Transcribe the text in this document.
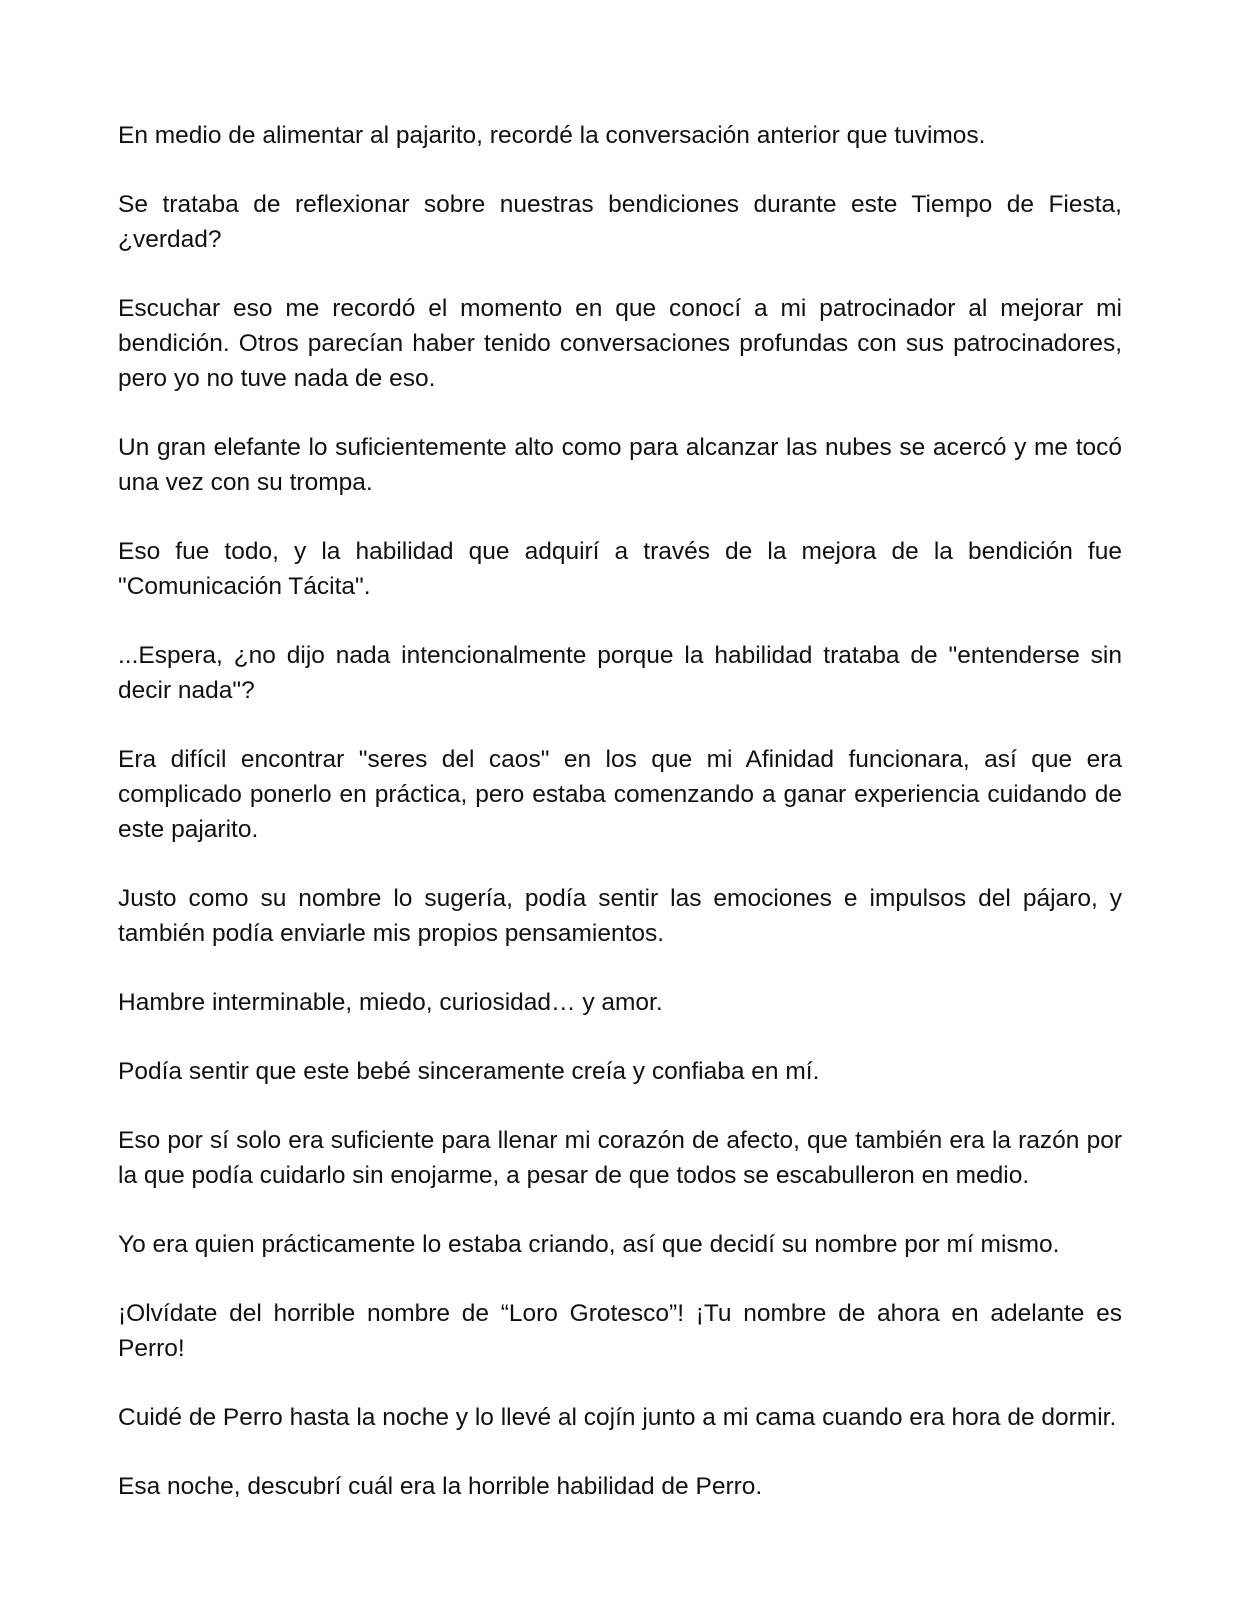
En medio de alimentar al pajarito, recordé la conversación anterior que tuvimos.

Se trataba de reflexionar sobre nuestras bendiciones durante este Tiempo de Fiesta, ¿verdad?

Escuchar eso me recordó el momento en que conocí a mi patrocinador al mejorar mi bendición. Otros parecían haber tenido conversaciones profundas con sus patrocinadores, pero yo no tuve nada de eso.

Un gran elefante lo suficientemente alto como para alcanzar las nubes se acercó y me tocó una vez con su trompa.

Eso fue todo, y la habilidad que adquirí a través de la mejora de la bendición fue "Comunicación Tácita".

...Espera, ¿no dijo nada intencionalmente porque la habilidad trataba de "entenderse sin decir nada"?

Era difícil encontrar "seres del caos" en los que mi Afinidad funcionara, así que era complicado ponerlo en práctica, pero estaba comenzando a ganar experiencia cuidando de este pajarito.

Justo como su nombre lo sugería, podía sentir las emociones e impulsos del pájaro, y también podía enviarle mis propios pensamientos.

Hambre interminable, miedo, curiosidad… y amor.

Podía sentir que este bebé sinceramente creía y confiaba en mí.

Eso por sí solo era suficiente para llenar mi corazón de afecto, que también era la razón por la que podía cuidarlo sin enojarme, a pesar de que todos se escabulleron en medio.

Yo era quien prácticamente lo estaba criando, así que decidí su nombre por mí mismo.

¡Olvídate del horrible nombre de “Loro Grotesco”! ¡Tu nombre de ahora en adelante es Perro!

Cuidé de Perro hasta la noche y lo llevé al cojín junto a mi cama cuando era hora de dormir.

Esa noche, descubrí cuál era la horrible habilidad de Perro.
